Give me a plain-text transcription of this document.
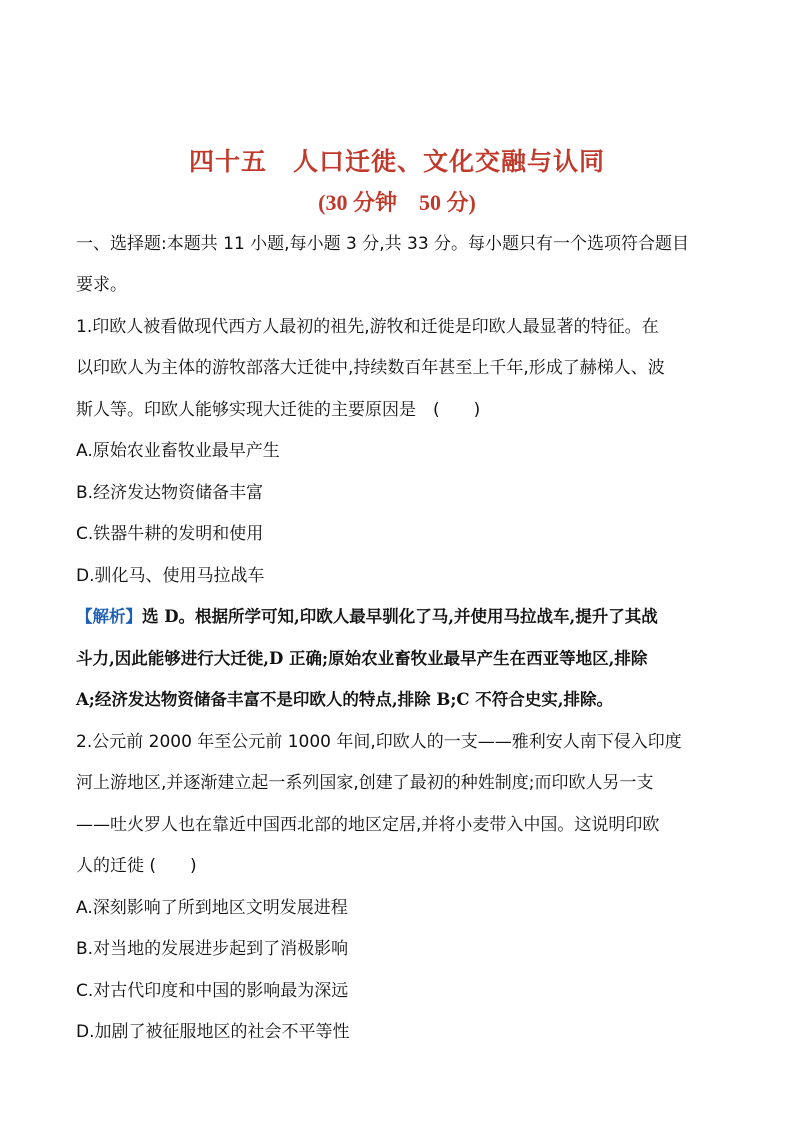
四十五　人口迁徙、文化交融与认同
(30 分钟　50 分)
一、选择题:本题共 11 小题,每小题 3 分,共 33 分。每小题只有一个选项符合题目
要求。
1.印欧人被看做现代西方人最初的祖先,游牧和迁徙是印欧人最显著的特征。在
以印欧人为主体的游牧部落大迁徙中,持续数百年甚至上千年,形成了赫梯人、波
斯人等。印欧人能够实现大迁徙的主要原因是　(　　)
A.原始农业畜牧业最早产生
B.经济发达物资储备丰富
C.铁器牛耕的发明和使用
D.驯化马、使用马拉战车
【解析】选 D。根据所学可知,印欧人最早驯化了马,并使用马拉战车,提升了其战
斗力,因此能够进行大迁徙,D 正确;原始农业畜牧业最早产生在西亚等地区,排除
A;经济发达物资储备丰富不是印欧人的特点,排除 B;C 不符合史实,排除。
2.公元前 2000 年至公元前 1000 年间,印欧人的一支——雅利安人南下侵入印度
河上游地区,并逐渐建立起一系列国家,创建了最初的种姓制度;而印欧人另一支
——吐火罗人也在靠近中国西北部的地区定居,并将小麦带入中国。这说明印欧
人的迁徙 (　　)
A.深刻影响了所到地区文明发展进程
B.对当地的发展进步起到了消极影响
C.对古代印度和中国的影响最为深远
D.加剧了被征服地区的社会不平等性
